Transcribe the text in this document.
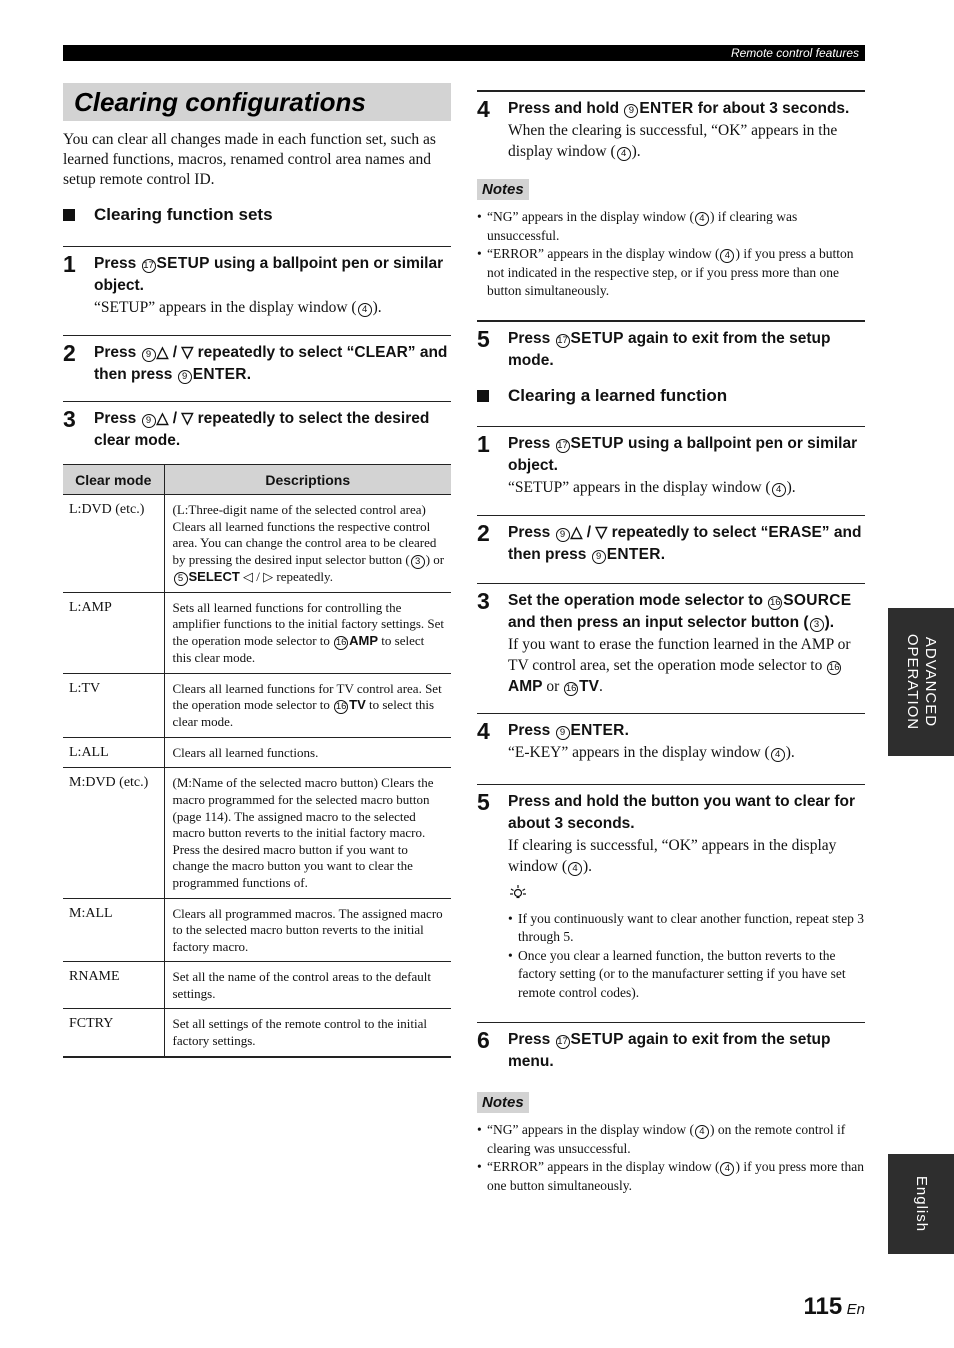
Remote control features
Clearing configurations

You can clear all changes made in each function set, such as learned functions, macros, renamed control area names and setup remote control ID.

Clearing function sets
1	Press 17 SETUP using a ballpoint pen or similar object.
“SETUP” appears in the display window ( 4 ).
2	Press 9 △ / ▽ repeatedly to select “CLEAR” and then press 9 ENTER.
3	Press 9 △ / ▽ repeatedly to select the desired clear mode.
Clear mode	Descriptions
L:DVD (etc.)	(L:Three-digit name of the selected control area) Clears all learned functions the respective control area. You can change the control area to be cleared by pressing the desired input selector button ( 3 ) or 5 SELECT ◁ / ▷ repeatedly.
L:AMP	Sets all learned functions for controlling the amplifier functions to the initial factory settings. Set the operation mode selector to 16 AMP to select this clear mode.
L:TV	Clears all learned functions for TV control area. Set the operation mode selector to 16 TV to select this clear mode.
L:ALL	Clears all learned functions.
M:DVD (etc.)	(M:Name of the selected macro button) Clears the macro programmed for the selected macro button (page 114). The assigned macro to the selected macro button reverts to the initial factory macro. Press the desired macro button if you want to change the macro button you want to clear the programmed functions of.
M:ALL	Clears all programmed macros. The assigned macro to the selected macro button reverts to the initial factory macro.
RNAME	Set all the name of the control areas to the default settings.
FCTRY	Set all settings of the remote control to the initial factory settings.
4	Press and hold 9 ENTER for about 3 seconds.
When the clearing is successful, “OK” appears in the display window ( 4 ).
Notes
• “NG” appears in the display window ( 4 ) if clearing was unsuccessful.
• “ERROR” appears in the display window ( 4 ) if you press a button not indicated in the respective step, or if you press more than one button simultaneously.
5	Press 17 SETUP again to exit from the setup mode.
Clearing a learned function
1	Press 17 SETUP using a ballpoint pen or similar object.
“SETUP” appears in the display window ( 4 ).
2	Press 9 △ / ▽ repeatedly to select “ERASE” and then press 9 ENTER.
3	Set the operation mode selector to 16 SOURCE and then press an input selector button ( 3 ).
If you want to erase the function learned in the AMP or TV control area, set the operation mode selector to 16AMP or 16 TV.
4	Press 9 ENTER.
“E-KEY” appears in the display window ( 4 ).
5	Press and hold the button you want to clear for about 3 seconds.
If clearing is successful, “OK” appears in the display window ( 4 ).
• If you continuously want to clear another function, repeat step 3 through 5.
• Once you clear a learned function, the button reverts to the factory setting (or to the manufacturer setting if you have set remote control codes).
6	Press 17 SETUP again to exit from the setup menu.
Notes
• “NG” appears in the display window ( 4 ) on the remote control if clearing was unsuccessful.
• “ERROR” appears in the display window ( 4 ) if you press more than one button simultaneously.
ADVANCED
OPERATION
English
115 En
